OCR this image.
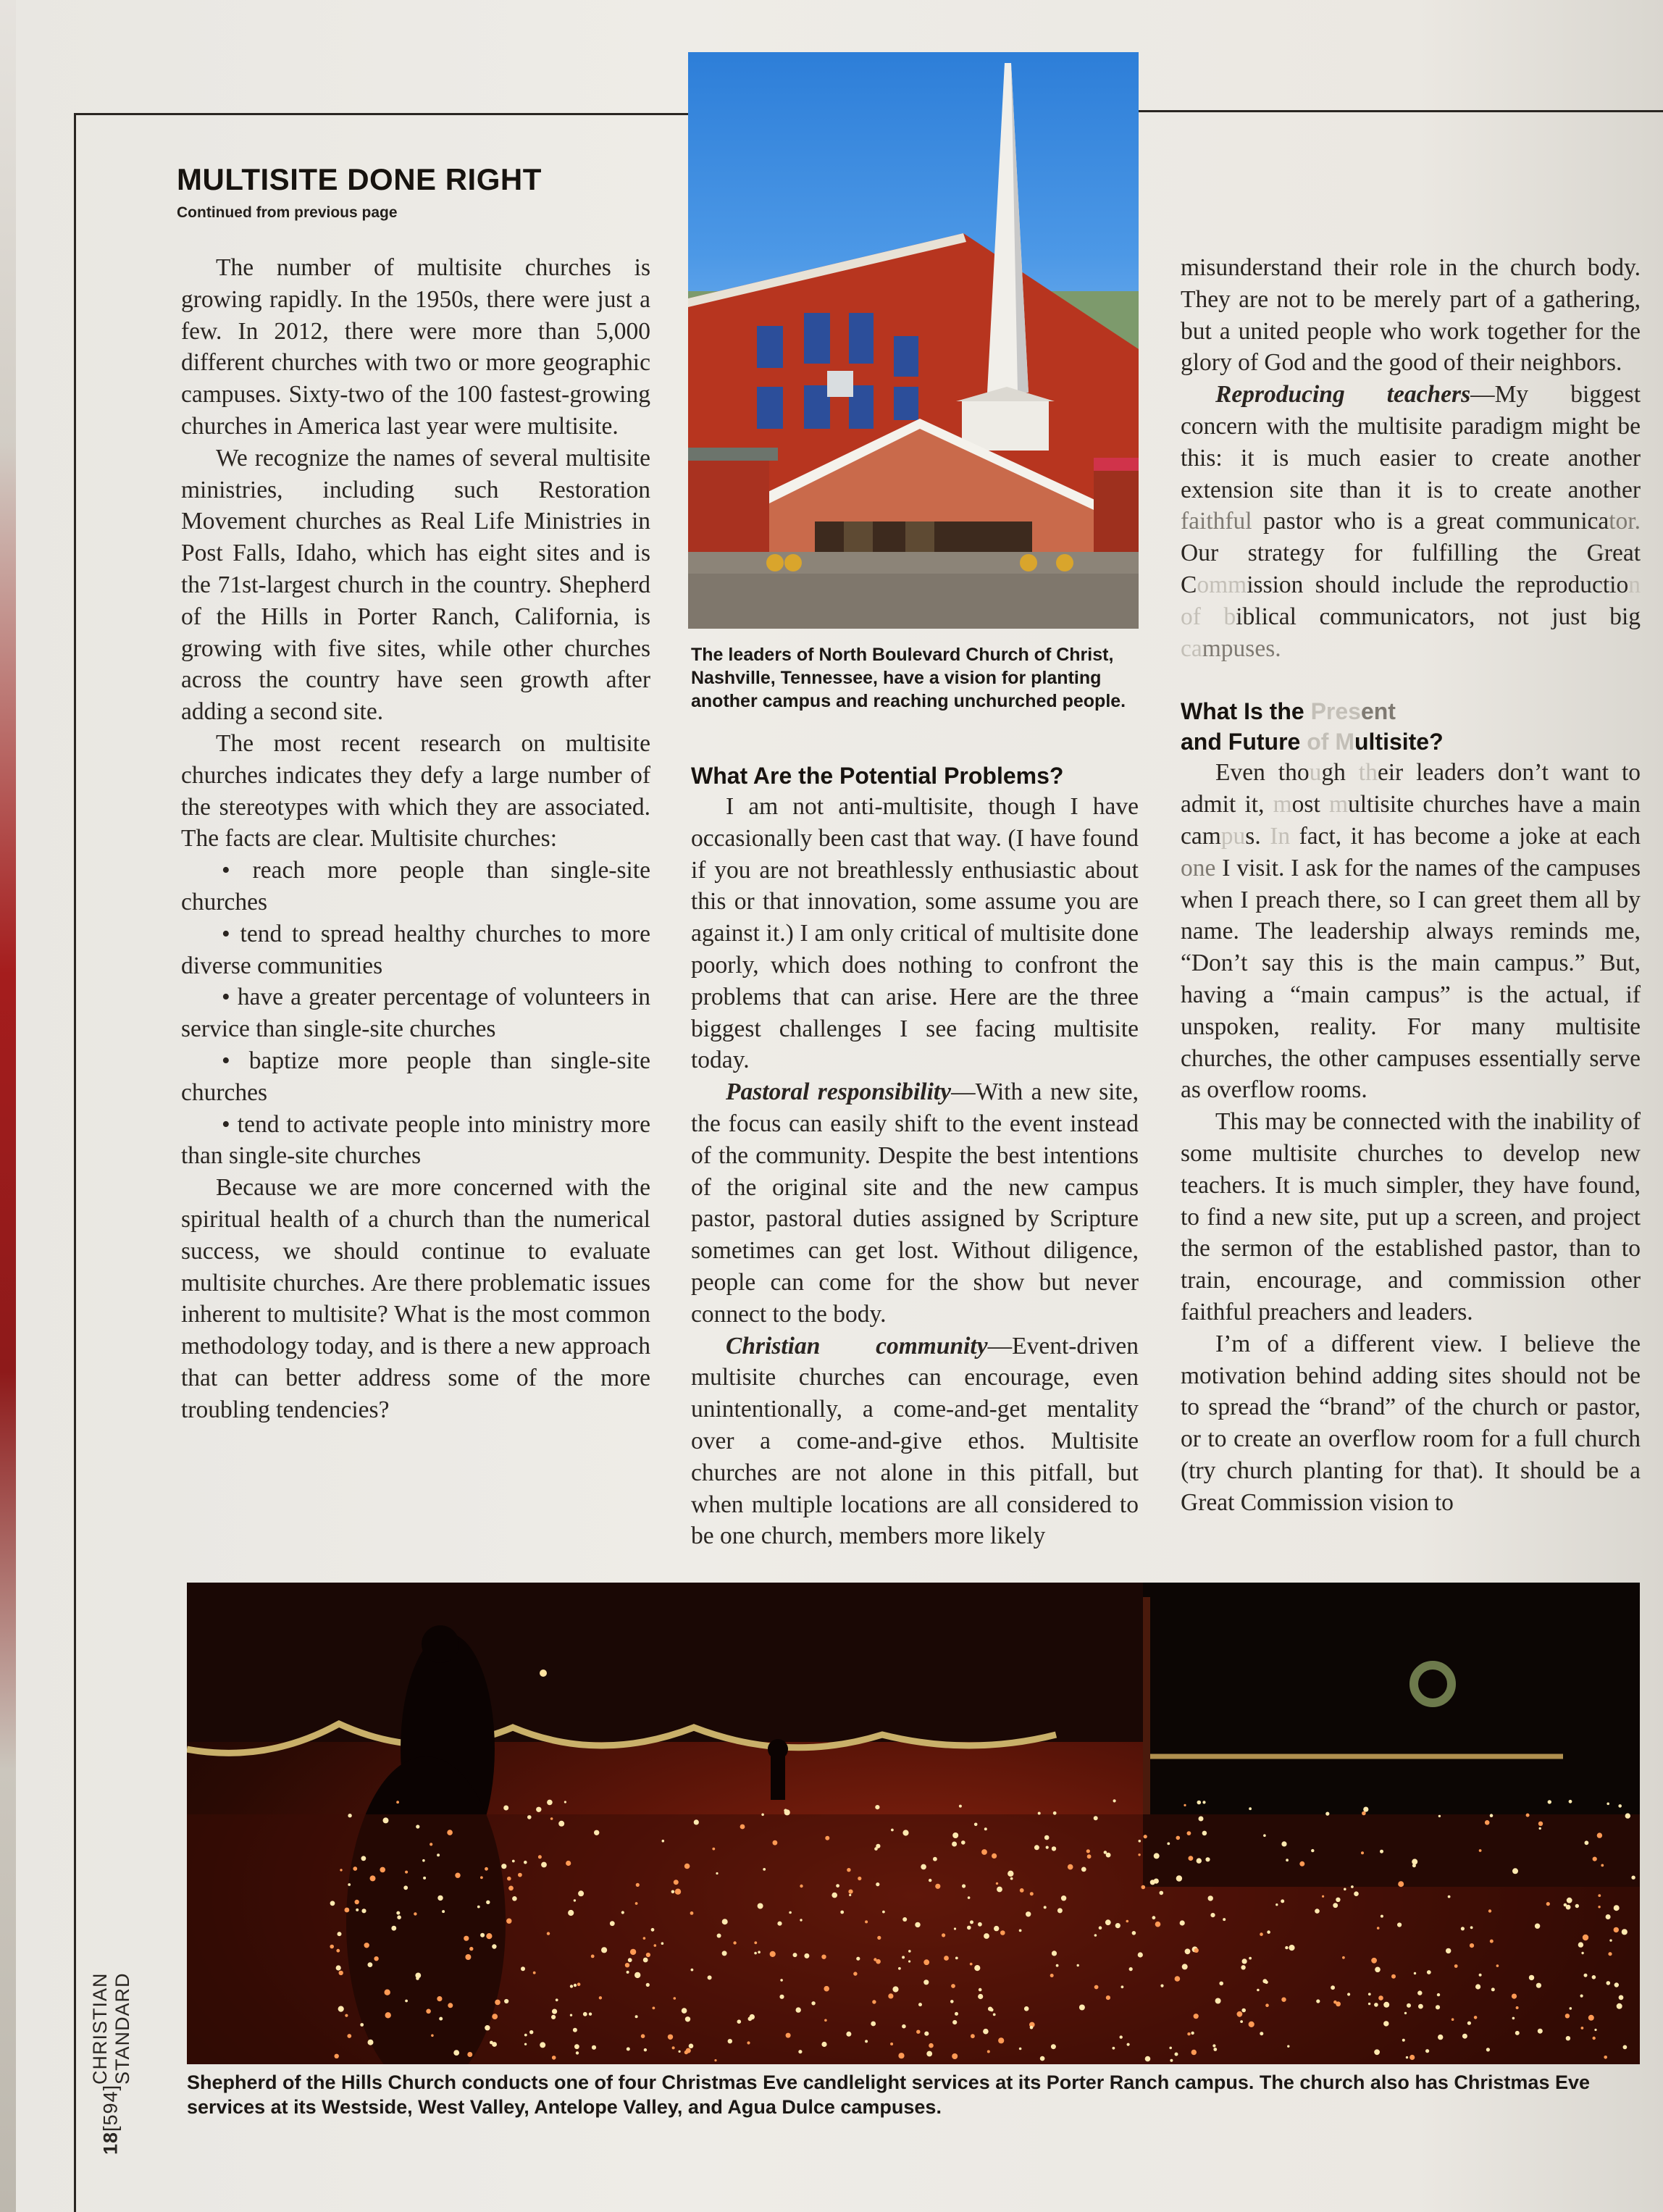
18
[594]
CHRISTIAN STANDARD
MULTISITE DONE RIGHT
Continued from previous page

The number of multisite churches is growing rapidly. In the 1950s, there were just a few. In 2012, there were more than 5,000 different churches with two or more geographic campuses. Sixty-two of the 100 fastest-growing churches in America last year were multisite.

We recognize the names of several multisite ministries, including such Restoration Movement churches as Real Life Ministries in Post Falls, Idaho, which has eight sites and is the 71st-largest church in the country. Shepherd of the Hills in Porter Ranch, California, is growing with five sites, while other churches across the country have seen growth after adding a second site.

The most recent research on multisite churches indicates they defy a large number of the stereotypes with which they are associated. The facts are clear. Multisite churches:

• reach more people than single-site churches

• tend to spread healthy churches to more diverse communities

• have a greater percentage of volunteers in service than single-site churches

• baptize more people than single-site churches

• tend to activate people into ministry more than single-site churches

Because we are more concerned with the spiritual health of a church than the numerical success, we should continue to evaluate multisite churches. Are there problematic issues inherent to multisite? What is the most common methodology today, and is there a new approach that can better address some of the more troubling tendencies?

The leaders of North Boulevard Church of Christ, Nashville, Tennessee, have a vision for planting another campus and reaching unchurched people.

What Are the Potential Problems?

I am not anti-multisite, though I have occasionally been cast that way. (I have found if you are not breathlessly enthusiastic about this or that innovation, some assume you are against it.) I am only critical of multisite done poorly, which does nothing to confront the problems that can arise. Here are the three biggest challenges I see facing multisite today.

Pastoral responsibility—With a new site, the focus can easily shift to the event instead of the community. Despite the best intentions of the original site and the new campus pastor, pastoral duties assigned by Scripture sometimes can get lost. Without diligence, people can come for the show but never connect to the body.

Christian community—Event-driven multisite churches can encourage, even unintentionally, a come-and-get mentality over a come-and-give ethos. Multisite churches are not alone in this pitfall, but when multiple locations are all considered to be one church, members more likely

misunderstand their role in the church body. They are not to be merely part of a gathering, but a united people who work together for the glory of God and the good of their neighbors.

Reproducing teachers—My biggest concern with the multisite paradigm might be this: it is much easier to create another extension site than it is to create another faithful pastor who is a great communicator. Our strategy for fulfilling the Great Commission should include the reproduction of biblical communicators, not just big campuses.

What Is the Present
and Future of Multisite?

Even though their leaders don’t want to admit it, most multisite churches have a main campus. In fact, it has become a joke at each one I visit. I ask for the names of the campuses when I preach there, so I can greet them all by name. The leadership always reminds me, “Don’t say this is the main campus.” But, having a “main campus” is the actual, if unspoken, reality. For many multisite churches, the other campuses essentially serve as overflow rooms.

This may be connected with the inability of some multisite churches to develop new teachers. It is much simpler, they have found, to find a new site, put up a screen, and project the sermon of the established pastor, than to train, encourage, and commission other faithful preachers and leaders.

I’m of a different view. I believe the motivation behind adding sites should not be to spread the “brand” of the church or pastor, or to create an overflow room for a full church (try church planting for that). It should be a Great Commission vision to

Shepherd of the Hills Church conducts one of four Christmas Eve candlelight services at its Porter Ranch campus. The church also has Christmas Eve services at its Westside, West Valley, Antelope Valley, and Agua Dulce campuses.
